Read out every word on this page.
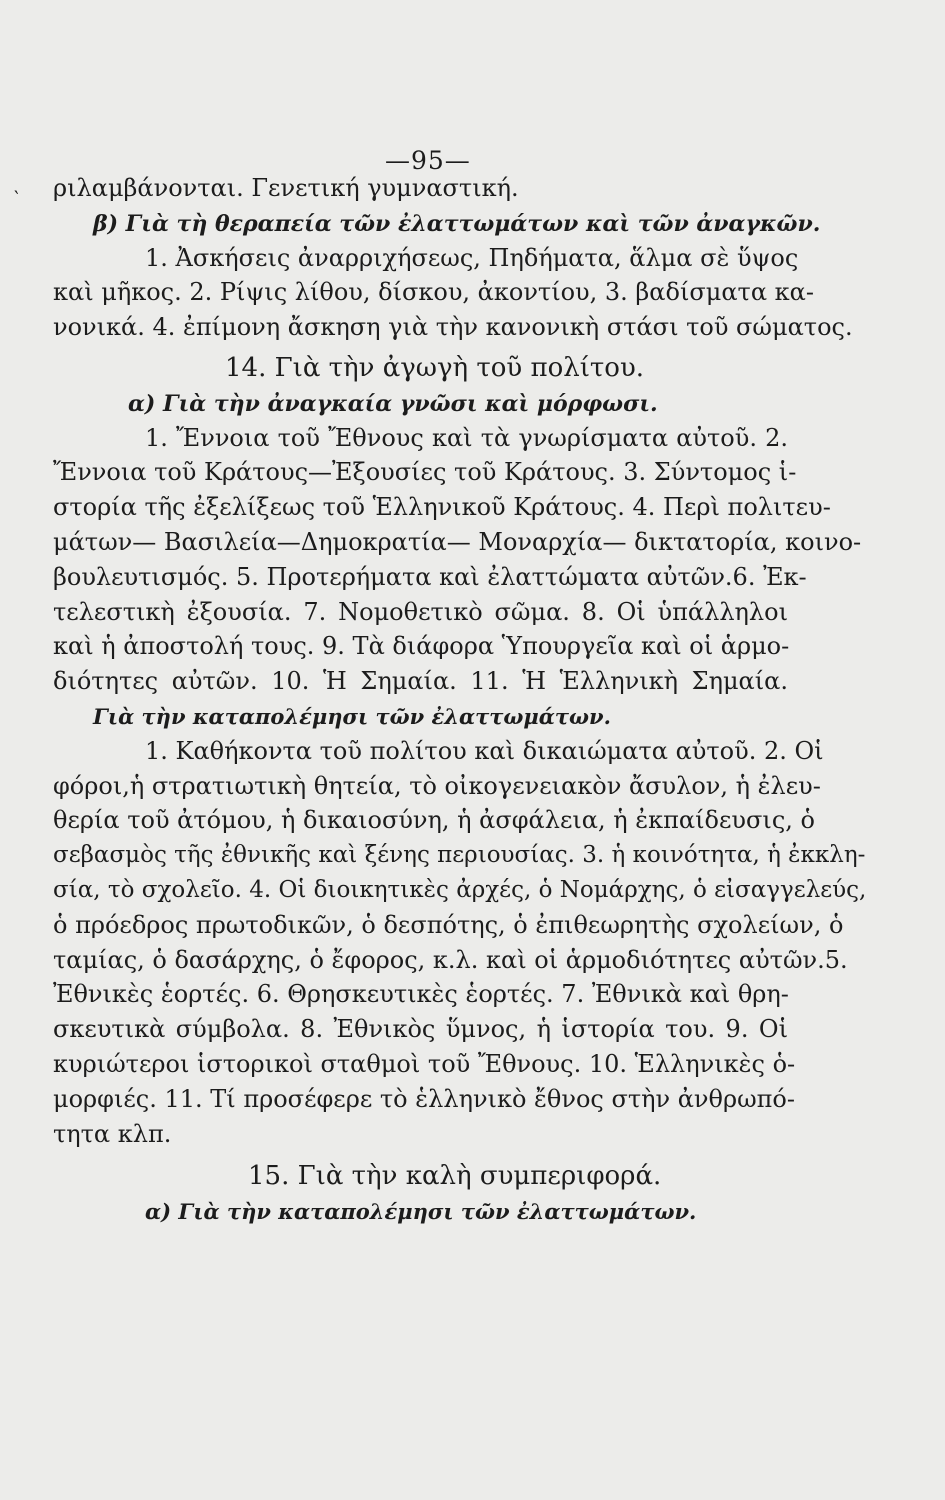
—95—
‵ ριλαμβάνονται. Γενετική γυμναστική.
β) Γιὰ τὴ θεραπεία τῶν ἐλαττωμάτων καὶ τῶν ἀναγκῶν.
1. Ἀσκήσεις ἀναρριχήσεως, Πηδήματα, ἅλμα σὲ ὕψος
καὶ μῆκος. 2. Ρίψις λίθου, δίσκου, ἀκοντίου, 3. βαδίσματα κα-
νονικά. 4. ἐπίμονη ἄσκηση γιὰ τὴν κανονικὴ στάσι τοῦ σώματος.
14. Γιὰ τὴν ἀγωγὴ τοῦ πολίτου.
α) Γιὰ τὴν ἀναγκαία γνῶσι καὶ μόρφωσι.
1. Ἔννοια τοῦ Ἔθνους καὶ τὰ γνωρίσματα αὐτοῦ. 2.
Ἔννοια τοῦ Κράτους—Ἐξουσίες τοῦ Κράτους. 3. Σύντομος ἱ-
στορία τῆς ἐξελίξεως τοῦ Ἑλληνικοῦ Κράτους. 4. Περὶ πολιτευ-
μάτων— Βασιλεία—Δημοκρατία— Μοναρχία— δικτατορία, κοινο-
βουλευτισμός. 5. Προτερήματα καὶ ἐλαττώματα αὐτῶν.6. Ἐκ-
τελεστικὴ ἐξουσία. 7. Νομοθετικὸ σῶμα. 8. Οἱ ὑπάλληλοι
καὶ ἡ ἀποστολή τους. 9. Τὰ διάφορα Ὑπουργεῖα καὶ οἱ ἁρμο-
διότητες αὐτῶν. 10. Ἡ Σημαία. 11. Ἡ Ἑλληνικὴ Σημαία.
Γιὰ τὴν καταπολέμησι τῶν ἐλαττωμάτων.
1. Καθήκοντα τοῦ πολίτου καὶ δικαιώματα αὐτοῦ. 2. Οἱ
φόροι,ἡ στρατιωτικὴ θητεία, τὸ οἰκογενειακὸν ἄσυλον, ἡ ἐλευ-
θερία τοῦ ἀτόμου, ἡ δικαιοσύνη, ἡ ἀσφάλεια, ἡ ἐκπαίδευσις, ὁ
σεβασμὸς τῆς ἐθνικῆς καὶ ξένης περιουσίας. 3. ἡ κοινότητα, ἡ ἐκκλη-
σία, τὸ σχολεῖο. 4. Οἱ διοικητικὲς ἀρχές, ὁ Νομάρχης, ὁ εἰσαγγελεύς,
ὁ πρόεδρος πρωτοδικῶν, ὁ δεσπότης, ὁ ἐπιθεωρητὴς σχολείων, ὁ
ταμίας, ὁ δασάρχης, ὁ ἔφορος, κ.λ. καὶ οἱ ἁρμοδιότητες αὐτῶν.5.
Ἐθνικὲς ἑορτές. 6. Θρησκευτικὲς ἑορτές. 7. Ἐθνικὰ καὶ θρη-
σκευτικὰ σύμβολα. 8. Ἐθνικὸς ὕμνος, ἡ ἱστορία του. 9. Οἱ
κυριώτεροι ἱστορικοὶ σταθμοὶ τοῦ Ἔθνους. 10. Ἑλληνικὲς ὁ-
μορφιές. 11. Τί προσέφερε τὸ ἑλληνικὸ ἔθνος στὴν ἀνθρωπό-
τητα κλπ.
15. Γιὰ τὴν καλὴ συμπεριφορά.
α) Γιὰ τὴν καταπολέμησι τῶν ἐλαττωμάτων.
